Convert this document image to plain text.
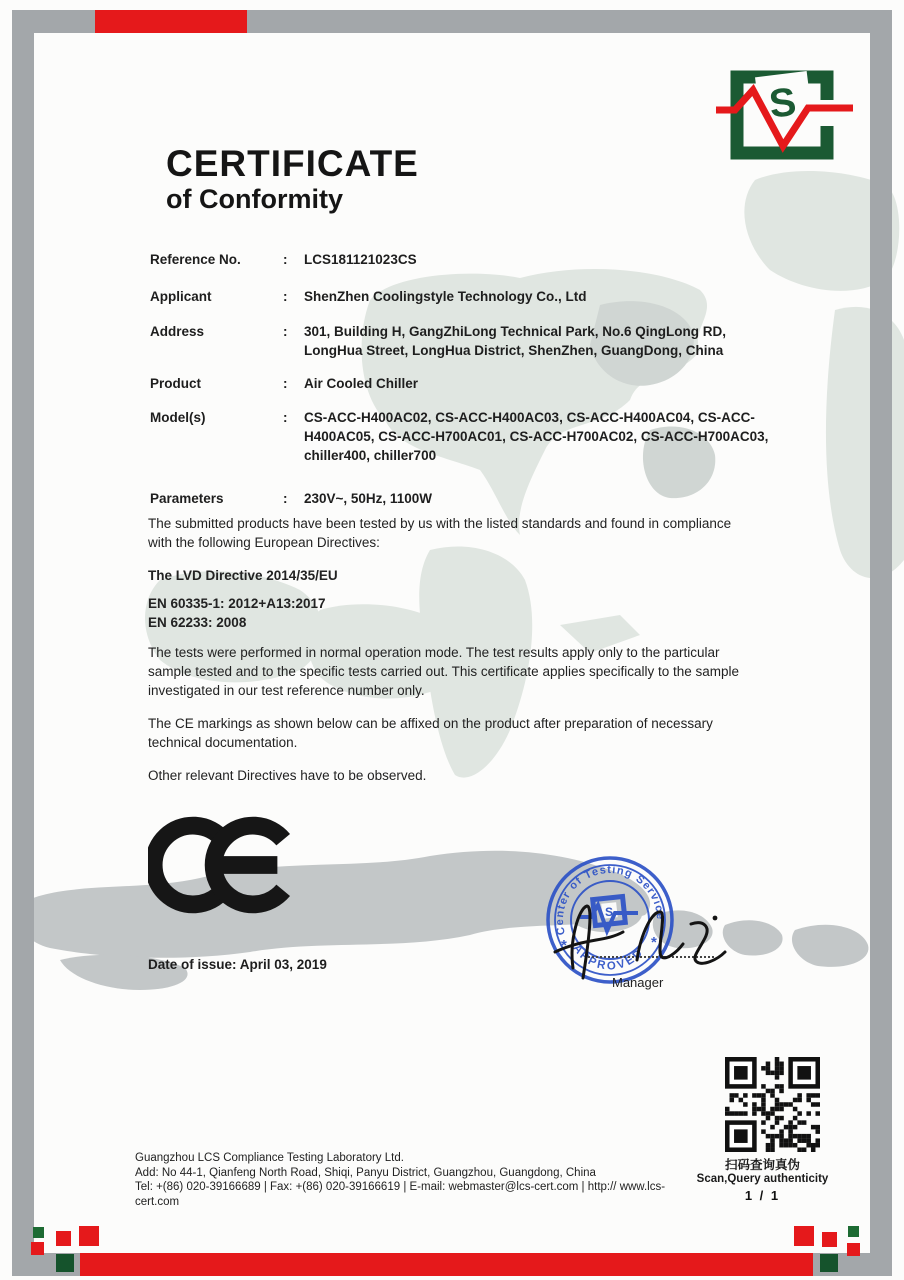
S
CERTIFICATE
of Conformity
Reference No.	:	LCS181121023CS
Applicant	:	ShenZhen Coolingstyle Technology Co., Ltd
Address	:	301, Building H, GangZhiLong Technical Park, No.6 QingLong RD, LongHua Street, LongHua District, ShenZhen, GuangDong, China
Product	:	Air Cooled Chiller
Model(s)	:	CS-ACC-H400AC02, CS-ACC-H400AC03, CS-ACC-H400AC04, CS-ACC-H400AC05, CS-ACC-H700AC01, CS-ACC-H700AC02, CS-ACC-H700AC03, chiller400, chiller700
Parameters	:	230V~, 50Hz, 1100W

The submitted products have been tested by us with the listed standards and found in compliance with the following European Directives:

The LVD Directive 2014/35/EU

EN 60335-1: 2012+A13:2017

EN 62233: 2008

The tests were performed in normal operation mode. The test results apply only to the particular sample tested and to the specific tests carried out. This certificate applies specifically to the sample investigated in our test reference number only.

The CE markings as shown below can be affixed on the product after preparation of necessary technical documentation.

Other relevant Directives have to be observed.

Date of issue: April 03, 2019
Center of Testing Service
APPROVED
*	*
S
Manager
Guangzhou LCS Compliance Testing Laboratory Ltd.
Add: No 44-1, Qianfeng North Road, Shiqi, Panyu District, Guangzhou, Guangdong, China
Tel: +(86) 020-39166689 | Fax: +(86) 020-39166619 | E-mail: webmaster@lcs-cert.com | http:// www.lcs-cert.com
扫码查询真伪
Scan,Query authenticity
1 / 1
